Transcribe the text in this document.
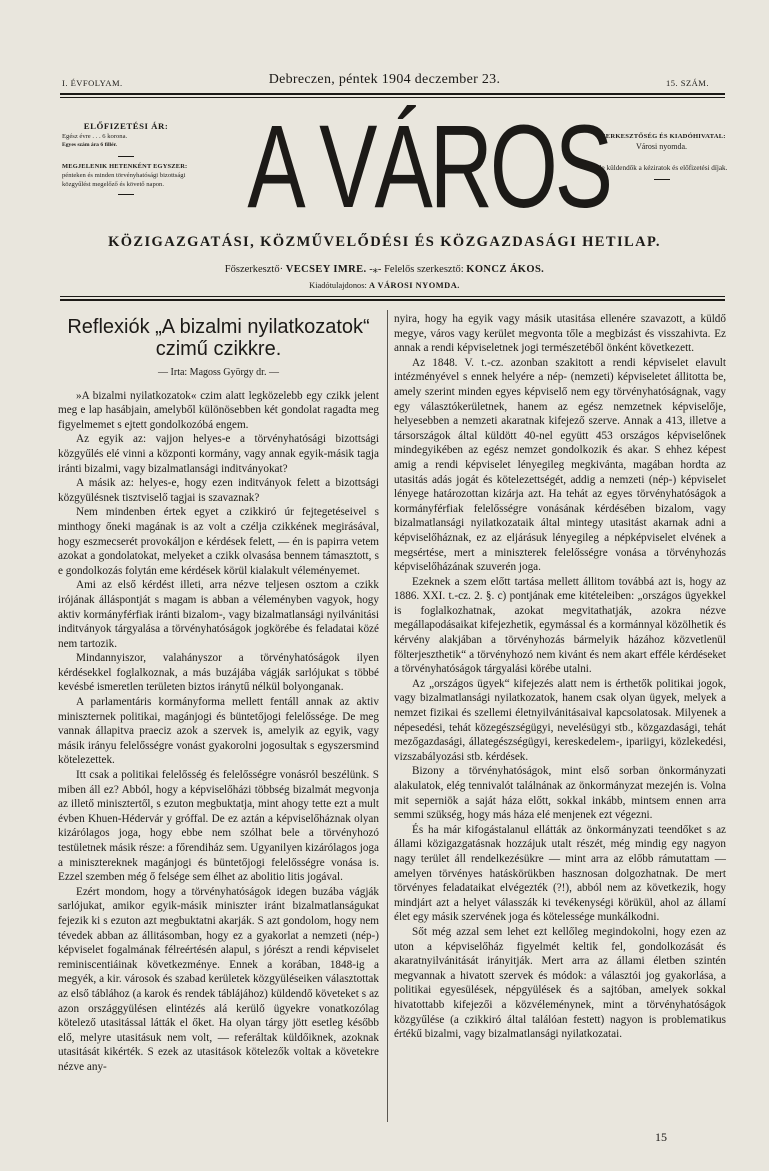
I. ÉVFOLYAM.	Debreczen, péntek 1904 deczember 23.	15. SZÁM.
ELŐFIZETÉSI ÁR:
Egész évre . . . 6 korona.
Egyes szám ára 6 fillér.
MEGJELENIK HETENKÉNT EGYSZER:
pénteken és minden törvényhatósági bizottsági közgyűlést megelőző és követő napon. A VÁROS
SZERKESZTŐSÉG ÉS KIADÓHIVATAL:
Városi nyomda.
Ide küldendők a kéziratok és előfizetési díjak.
KÖZIGAZGATÁSI, KÖZMŰVELŐDÉSI ÉS KÖZGAZDASÁGI HETILAP.
Főszerkesztő· VECSEY IMRE. -⁎- Felelős szerkesztő: KONCZ ÁKOS.
Kiadótulajdonos: A VÁROSI NYOMDA.

Reflexiók „A bizalmi nyilatkozatok“

czimű czikkre.

— Irta: Magoss György dr. —

»A bizalmi nyilatkozatok« czim alatt legközelebb egy czikk jelent meg e lap hasábjain, amelyből különösebben két gondolat ragadta meg figyelmemet s ejtett gondolkozóbá engem.

Az egyik az: vajjon helyes-e a törvényhatósági bizottsági közgyűlés elé vinni a központi kormány, vagy annak egyik-másik tagja iránti bizalmi, vagy bizalmatlansági inditványokat?

A másik az: helyes-e, hogy ezen inditványok felett a bizottsági közgyülésnek tisztviselő tagjai is szavaznak?

Nem mindenben értek egyet a czikkiró úr fejtegetéseivel s minthogy őneki magának is az volt a czélja czikkének megirásával, hogy eszmecserét provokáljon e kérdések felett, — én is papirra vetem azokat a gondolatokat, melyeket a czikk olvasása bennem támasztott, s e gondolkozás folytán eme kérdések körül kialakult véleményemet.

Ami az első kérdést illeti, arra nézve teljesen osztom a czikk irójának álláspontját s magam is abban a véleményben vagyok, hogy aktiv kormányférfiak iránti bizalom-, vagy bizalmatlansági nyilvánitási inditványok tárgyalása a törvényhatóságok jogkörébe és feladatai közé nem tartozik.

Mindannyiszor, valahányszor a törvényhatóságok ilyen kérdésekkel foglalkoznak, a más buzájába vágják sarlójukat s többé kevésbé ismeretlen területen biztos iránytű nélkül bolyonganak.

A parlamentáris kormányforma mellett fentáll annak az aktiv miniszternek politikai, magánjogi és büntetőjogi felelőssége. De meg vannak állapitva praeciz azok a szervek is, amelyik az egyik, vagy másik irányu felelősségre vonást gyakorolni jogosultak s egyszersmind kötelezettek.

Itt csak a politikai felelősség és felelősségre vonásról beszélünk. S miben áll ez? Abból, hogy a képviselőházi többség bizalmát megvonja az illető minisztertől, s ezuton megbuktatja, mint ahogy tette ezt a mult évben Khuen-Hédervár y gróffal. De ez aztán a képviselőháznak olyan kizárólagos joga, hogy ebbe nem szólhat bele a törvényhozó testületnek másik része: a főrendiház sem. Ugyanilyen kizárólagos joga a minisztereknek magánjogi és büntetőjogi felelősségre vonása is. Ezzel szemben még ő felsége sem élhet az abolitio litis jogával.

Ezért mondom, hogy a törvényhatóságok idegen buzába vágják sarlójukat, amikor egyik-másik miniszter iránt bizalmatlanságukat fejezik ki s ezuton azt megbuktatni akarják. S azt gondolom, hogy nem tévedek abban az állitásomban, hogy ez a gyakorlat a nemzeti (nép-) képviselet fogalmának félreértésén alapul, s jórészt a rendi képviselet reminiscentiáinak következménye. Ennek a korában, 1848-ig a megyék, a kir. városok és szabad kerületek közgyüléseiken választottak az első táblához (a karok és rendek táblájához) küldendő követeket s az azon országgyülésen elintézés alá kerülő ügyekre vonatkozólag kötelező utasitással látták el őket. Ha olyan tárgy jött esetleg később elő, melyre utasitásuk nem volt, — referáltak küldőiknek, azoknak utasitását kikérték. S ezek az utasitások kötelezők voltak a követekre nézve any-

nyira, hogy ha egyik vagy másik utasitása ellenére szavazott, a küldő megye, város vagy kerület megvonta tőle a megbizást és visszahivta. Ez annak a rendi képviseletnek jogi természetéből önként következett.

Az 1848. V. t.-cz. azonban szakitott a rendi képviselet elavult intézményével s ennek helyére a nép- (nemzeti) képviseletet állitotta be, amely szerint minden egyes képviselő nem egy törvényhatóságnak, vagy egy választókerületnek, hanem az egész nemzetnek képviselője, helyesebben a nemzeti akaratnak kifejező szerve. Annak a 413, illetve a társországok által küldött 40-nel együtt 453 országos képviselőnek mindegyikében az egész nemzet gondolkozik és akar. S ehhez képest amig a rendi képviselet lényegileg megkivánta, magában hordta az utasitás adás jogát és kötelezettségét, addig a nemzeti (nép-) képviselet lényege határozottan kizárja azt. Ha tehát az egyes törvényhatóságok a kormányférfiak felelősségre vonásának kérdésében bizalom, vagy bizalmatlansági nyilatkozataik által mintegy utasitást akarnak adni a képviselőháznak, ez az eljárásuk lényegileg a népképviselet elvének a megsértése, mert a miniszterek felelősségre vonása a törvényhozás képviselőházának szuverén joga.

Ezeknek a szem előtt tartása mellett állitom továbbá azt is, hogy az 1886. XXI. t.-cz. 2. §. c) pontjának eme kitételeiben: „országos ügyekkel is foglalkozhatnak, azokat megvitathatják, azokra nézve megállapodásaikat kifejezhetik, egymással és a kormánnyal közölhetik és kérvény alakjában a törvényhozás bármelyik házához közvetlenül fölterjeszthetik“ a törvényhozó nem kivánt és nem akart efféle kérdéseket a törvényhatóságok tárgyalási körébe utalni.

Az „országos ügyek“ kifejezés alatt nem is érthetők politikai jogok, vagy bizalmatlansági nyilatkozatok, hanem csak olyan ügyek, melyek a nemzet fizikai és szellemi életnyilvánitásaival kapcsolatosak. Milyenek a népesedési, tehát közegészségügyi, nevelésügyi stb., közgazdasági, tehát mezőgazdasági, állategészségügyi, kereskedelem-, ipariigyi, közlekedési, vizszabályozási stb. kérdések.

Bizony a törvényhatóságok, mint első sorban önkormányzati alakulatok, elég tennivalót találnának az önkormányzat mezején is. Volna mit seperniök a saját háza előtt, sokkal inkább, mintsem ennen arra semmi szükség, hogy más háza elé menjenek ezt végezni.

És ha már kifogástalanul ellátták az önkormányzati teendőket s az állami közigazgatásnak hozzájuk utalt részét, még mindig egy nagyon nagy terület áll rendelkezésükre — mint arra az előbb rámutattam — amelyen törvényes hatáskörükben hasznosan dolgozhatnak. De mert törvényes feladataikat elvégezték (?!), abból nem az következik, hogy mindjárt azt a helyet válasszák ki tevékenységi körükül, ahol az államí élet egy másik szervének joga és kötelessége munkálkodni.

Sőt még azzal sem lehet ezt kellőleg megindokolni, hogy ezen az uton a képviselőház figyelmét keltik fel, gondolkozását és akaratnyilvánitását irányitják. Mert arra az állami életben szintén megvannak a hivatott szervek és módok: a választói jog gyakorlása, a politikai egyesülések, népgyülések és a sajtóban, amelyek sokkal hivatottabb kifejezői a közvéleménynek, mint a törvényhatóságok közgyűlése (a czikkiró által találóan festett) nagyon is problematikus értékű bizalmi, vagy bizalmatlansági nyilatkozatai.

15
